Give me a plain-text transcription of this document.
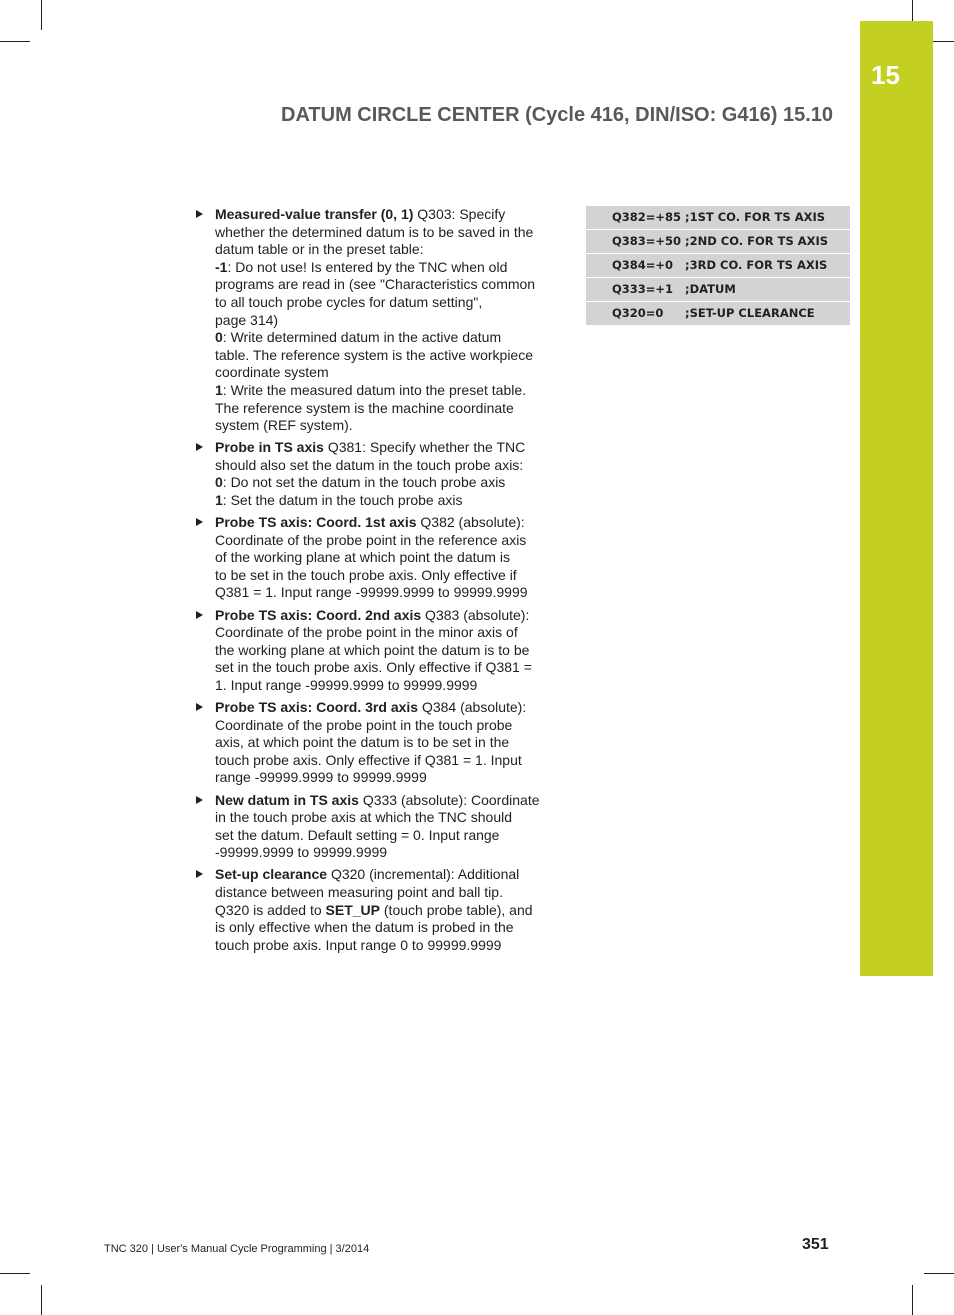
15
DATUM CIRCLE CENTER (Cycle 416, DIN/ISO: G416) 15.10
Measured-value transfer (0, 1) Q303: Specify
whether the determined datum is to be saved in the
datum table or in the preset table:
-1: Do not use! Is entered by the TNC when old
programs are read in (see "Characteristics common
to all touch probe cycles for datum setting",
page 314)
0: Write determined datum in the active datum
table. The reference system is the active workpiece
coordinate system
1: Write the measured datum into the preset table.
The reference system is the machine coordinate
system (REF system).
Probe in TS axis Q381: Specify whether the TNC
should also set the datum in the touch probe axis:
0: Do not set the datum in the touch probe axis
1: Set the datum in the touch probe axis
Probe TS axis: Coord. 1st axis Q382 (absolute):
Coordinate of the probe point in the reference axis
of the working plane at which point the datum is
to be set in the touch probe axis. Only effective if
Q381 = 1. Input range -99999.9999 to 99999.9999
Probe TS axis: Coord. 2nd axis Q383 (absolute):
Coordinate of the probe point in the minor axis of
the working plane at which point the datum is to be
set in the touch probe axis. Only effective if Q381 =
1. Input range -99999.9999 to 99999.9999
Probe TS axis: Coord. 3rd axis Q384 (absolute):
Coordinate of the probe point in the touch probe
axis, at which point the datum is to be set in the
touch probe axis. Only effective if Q381 = 1. Input
range -99999.9999 to 99999.9999
New datum in TS axis Q333 (absolute): Coordinate
in the touch probe axis at which the TNC should
set the datum. Default setting = 0. Input range
-99999.9999 to 99999.9999
Set-up clearance Q320 (incremental): Additional
distance between measuring point and ball tip.
Q320 is added to SET_UP (touch probe table), and
is only effective when the datum is probed in the
touch probe axis. Input range 0 to 99999.9999
Q382=+85 ;1ST CO. FOR TS AXIS
Q383=+50 ;2ND CO. FOR TS AXIS
Q384=+0	;3RD CO. FOR TS AXIS
Q333=+1	;DATUM
Q320=0	;SET-UP CLEARANCE
TNC 320 | User's Manual Cycle Programming | 3/2014	351
